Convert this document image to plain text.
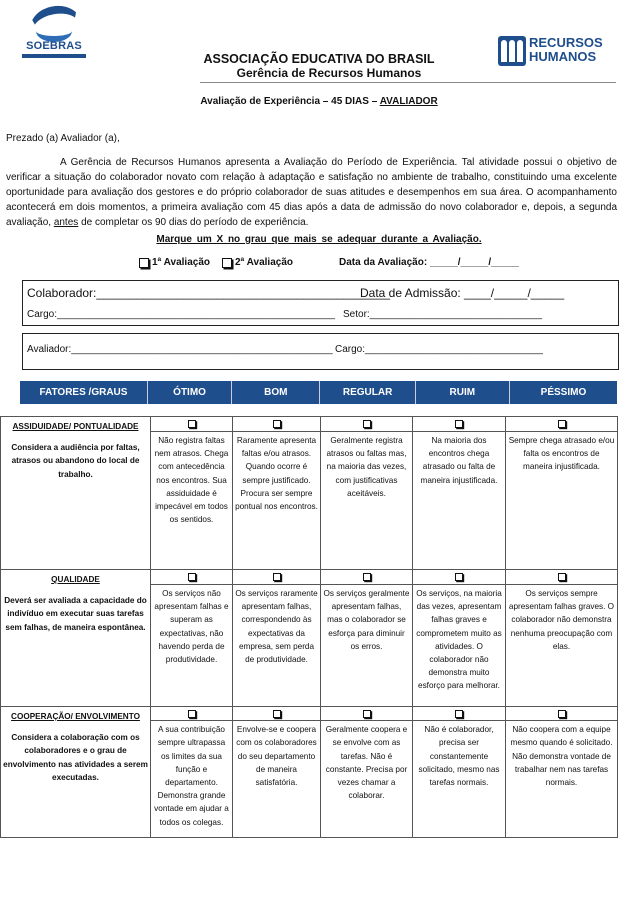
SOEBRAS	RECURSOS
HUMANOS
ASSOCIAÇÃO EDUCATIVA DO BRASIL
Gerência de Recursos Humanos
Avaliação de Experiência – 45 DIAS – AVALIADOR
Prezado (a) Avaliador (a),
A Gerência de Recursos Humanos apresenta a Avaliação do Período de Experiência. Tal atividade possui o objetivo de verificar a situação do colaborador novato com relação à adaptação e satisfação no ambiente de trabalho, constituindo uma excelente oportunidade para avaliação dos gestores e do próprio colaborador de suas atitudes e desempenhos em sua área. O acompanhamento acontecerá em dois momentos, a primeira avaliação com 45 dias após a data de admissão do novo colaborador e, depois, a segunda avaliação, antes de completar os 90 dias do período de experiência.
Marque um X no grau que mais se adequar durante a Avaliação.
1ª Avaliação	2ª Avaliação	Data da Avaliação: _____/_____/_____
Colaborador:____________________________________________
Data de Admissão: ____/_____/_____
Cargo:__________________________________________________ Setor:_______________________________
Avaliador:_______________________________________________ Cargo:________________________________
FATORES /GRAUS	ÓTIMO	BOM	REGULAR	RUIM	PÉSSIMO
ASSIDUIDADE/ PONTUALIDADE
Considera a audiência por faltas, atrasos ou abandono do local de trabalho.					

	Não registra faltas nem atrasos. Chega com antecedência nos encontros. Sua assiduidade é impecável em todos os sentidos.	Raramente apresenta faltas e/ou atrasos. Quando ocorre é sempre justificado. Procura ser sempre pontual nos encontros.	Geralmente registra atrasos ou faltas mas, na maioria das vezes, com justificativas aceitáveis.	Na maioria dos encontros chega atrasado ou falta de maneira injustificada.	Sempre chega atrasado e/ou falta os encontros de maneira injustificada.

QUALIDADE
Deverá ser avaliada a capacidade do indivíduo em executar suas tarefas sem falhas, de maneira espontânea.					

	Os serviços não apresentam falhas e superam as expectativas, não havendo perda de produtividade.	Os serviços raramente apresentam falhas, correspondendo às expectativas da empresa, sem perda de produtividade.	Os serviços geralmente apresentam falhas, mas o colaborador se esforça para diminuir os erros.	Os serviços, na maioria das vezes, apresentam falhas graves e comprometem muito as atividades. O colaborador não demonstra muito esforço para melhorar.	Os serviços sempre apresentam falhas graves. O colaborador não demonstra nenhuma preocupação com elas.

COOPERAÇÃO/ ENVOLVIMENTO
Considera a colaboração com os colaboradores e o grau de envolvimento nas atividades a serem executadas.					

	A sua contribuição sempre ultrapassa os limites da sua função e departamento. Demonstra grande vontade em ajudar a todos os colegas.	Envolve-se e coopera com os colaboradores do seu departamento de maneira satisfatória.	Geralmente coopera e se envolve com as tarefas. Não é constante. Precisa por vezes chamar a colaborar.	Não é colaborador, precisa ser constantemente solicitado, mesmo nas tarefas normais.	Não coopera com a equipe mesmo quando é solicitado. Não demonstra vontade de trabalhar nem nas tarefas normais.
